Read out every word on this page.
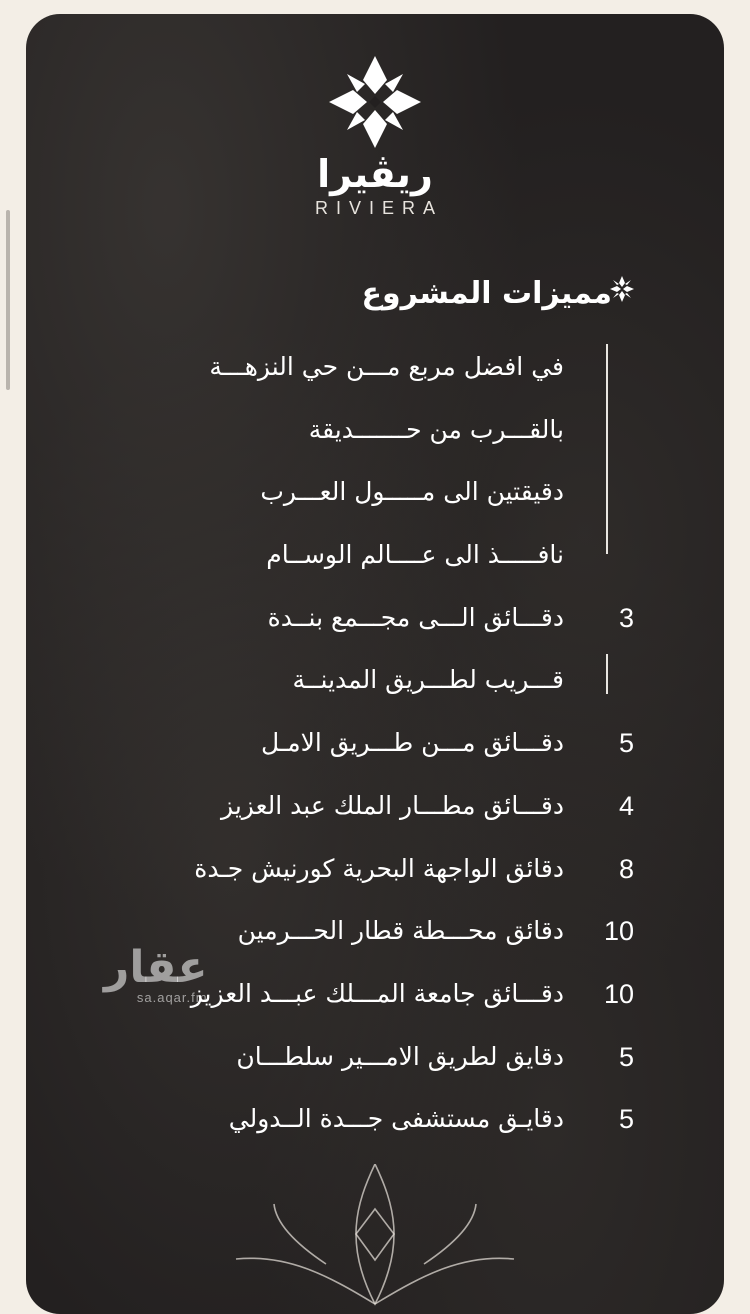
ريڤيرا
RIVIERA
مميزات المشروع
في افضل مربع مـــن حي النزهـــة
بالقـــرب من حـــــــديقة
دقيقتين الى مـــــول العـــرب
نافـــــذ الى عــــالم الوســام
3
دقـــائق الـــى مجـــمع بنــدة
قـــريب لطـــريق المدينــة
5
دقـــائق مـــن طـــريق الامـل
4
دقـــائق مطـــار الملك عبد العزيز
8
دقائق الواجهة البحرية كورنيش جـدة
10
دقائق محـــطة قطار الحـــرمين
10
دقـــائق جامعة المـــلك عبـــد العزيز
5
دقايق لطريق الامـــير سلطـــان
5
دقايـق مستشفى جـــدة الــدولي
عقار
sa.aqar.fm
